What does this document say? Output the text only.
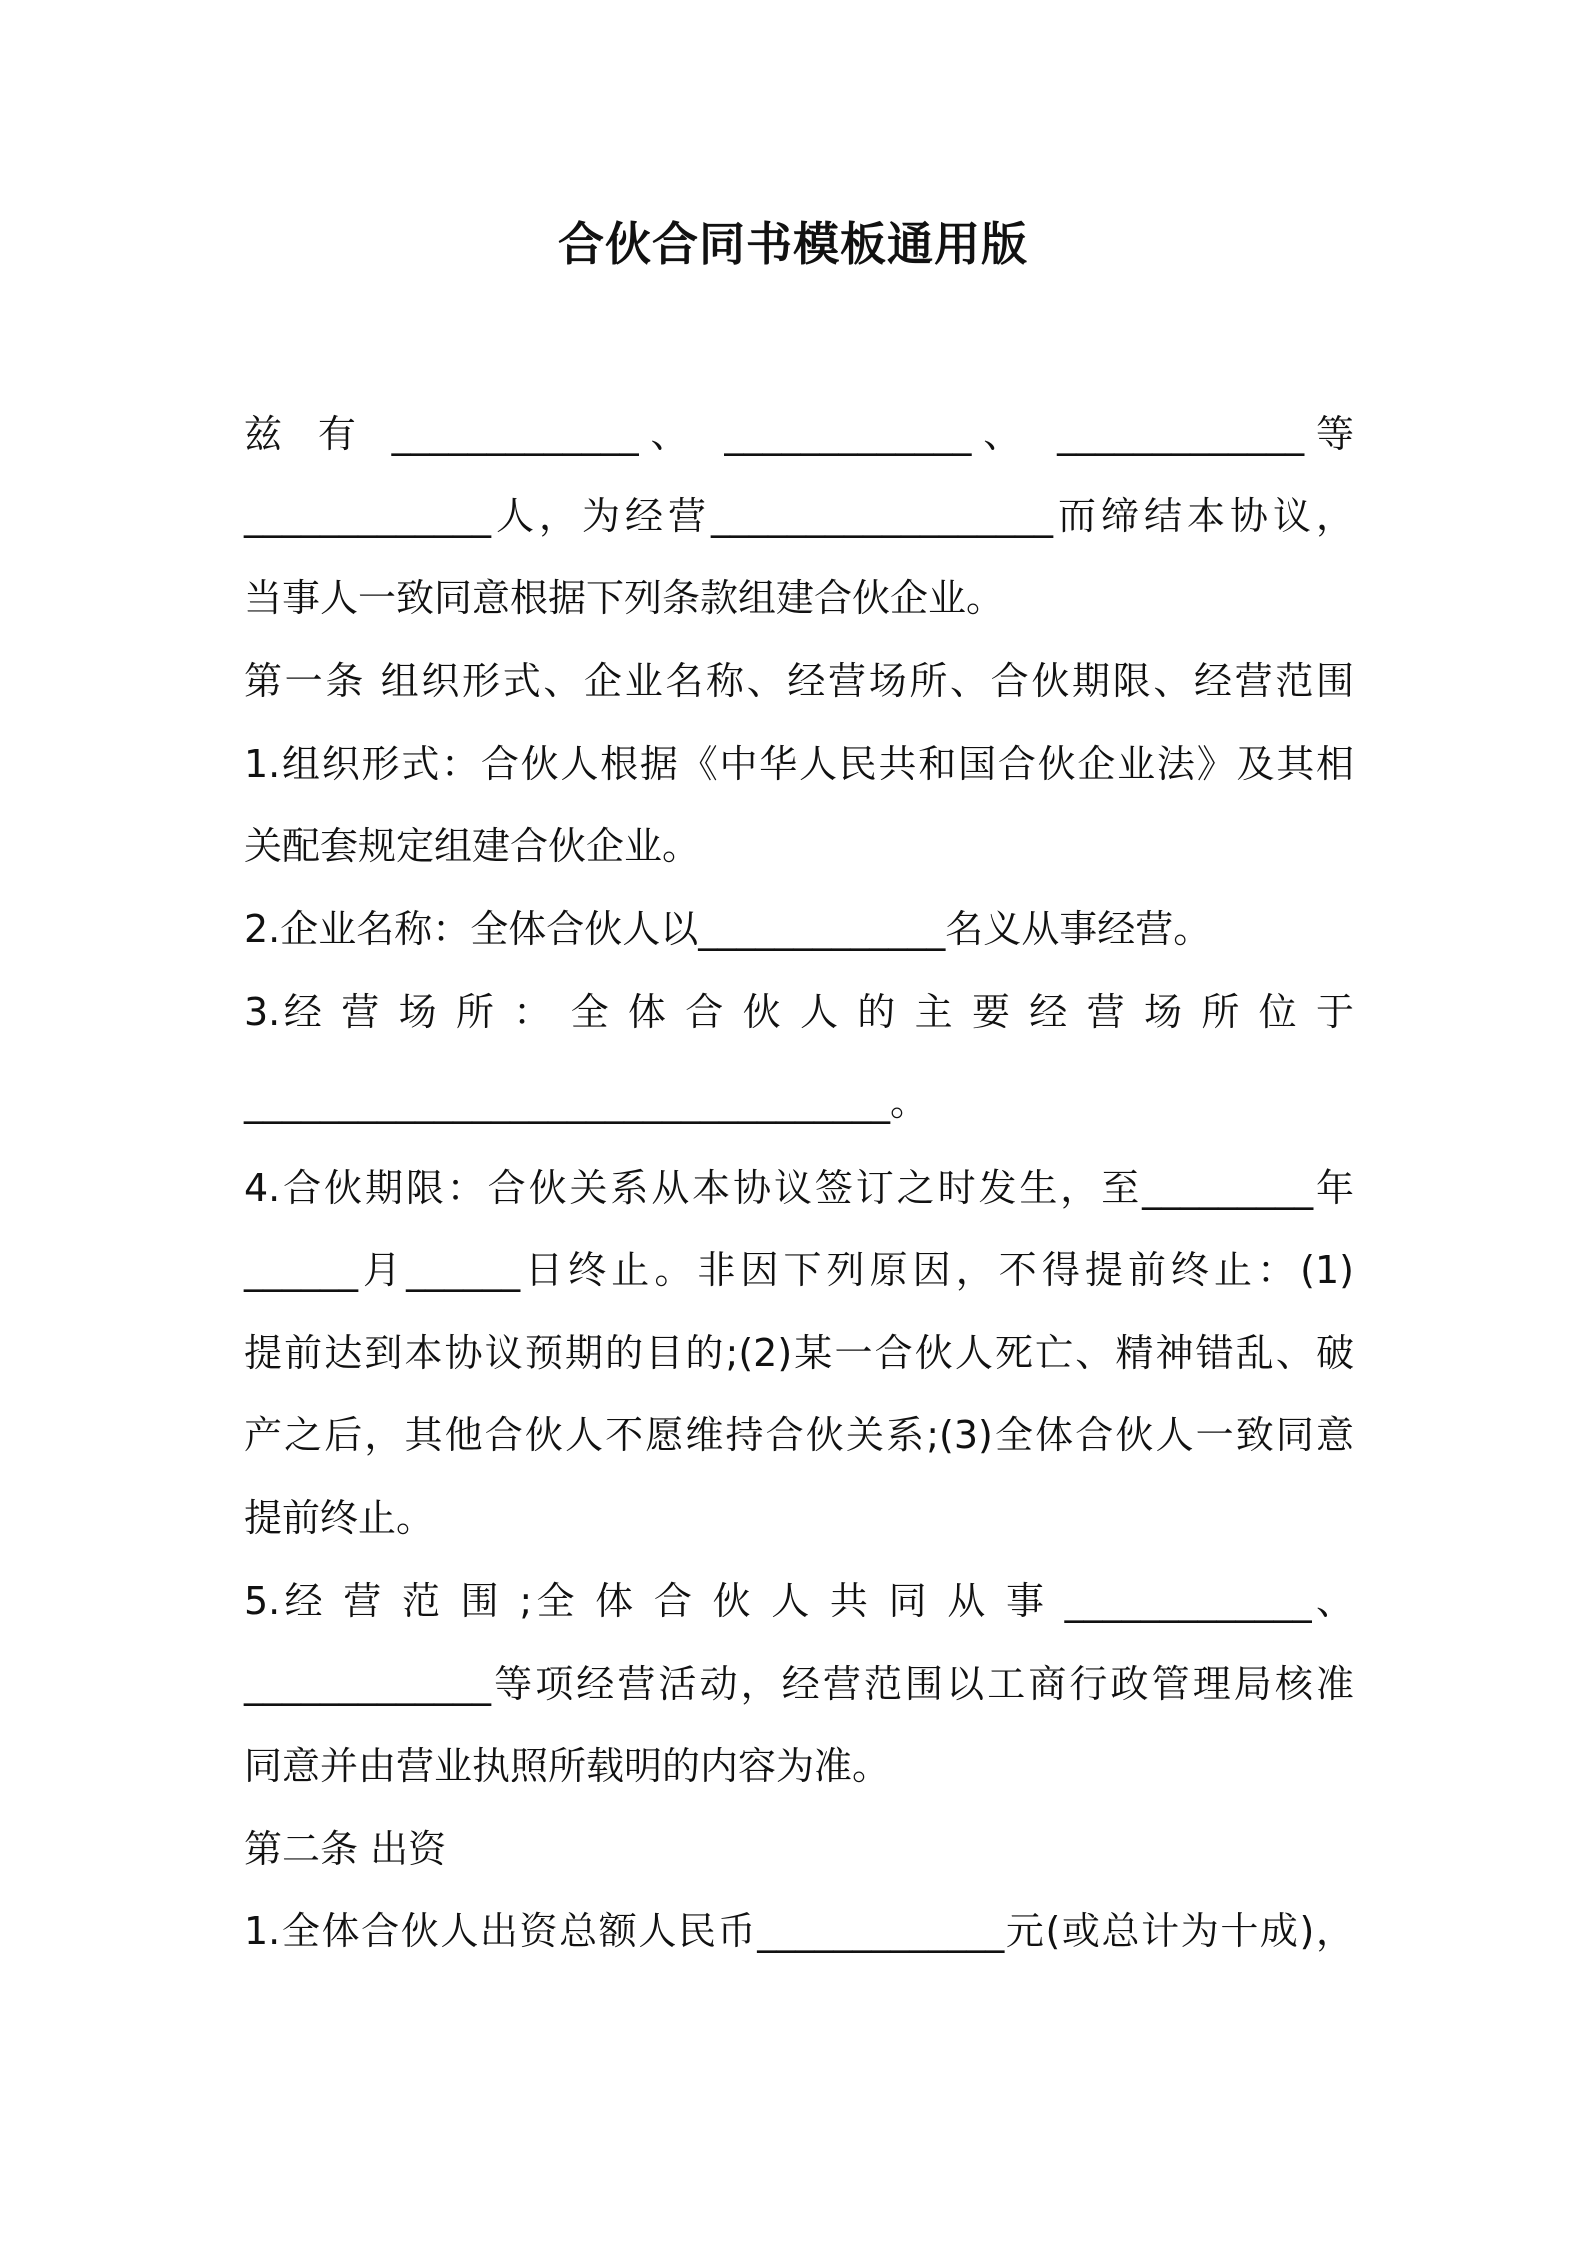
合伙合同书模板通用版
兹 有 _____________、 _____________、 _____________等
_____________人，为经营__________________而缔结本协议，
当事人一致同意根据下列条款组建合伙企业。
第一条 组织形式、企业名称、经营场所、合伙期限、经营范围
1.组织形式：合伙人根据《中华人民共和国合伙企业法》及其相
关配套规定组建合伙企业。
2.企业名称：全体合伙人以_____________名义从事经营。
3.经 营 场 所 ： 全 体 合 伙 人 的 主 要 经 营 场 所 位 于
__________________________________。
4.合伙期限：合伙关系从本协议签订之时发生，至_________年
______月______日终止。非因下列原因，不得提前终止：(1)
提前达到本协议预期的目的;(2)某一合伙人死亡、精神错乱、破
产之后，其他合伙人不愿维持合伙关系;(3)全体合伙人一致同意
提前终止。
5.经 营 范 围 ;全 体 合 伙 人 共 同 从 事 _____________、
_____________等项经营活动，经营范围以工商行政管理局核准
同意并由营业执照所载明的内容为准。
第二条 出资
1.全体合伙人出资总额人民币_____________元(或总计为十成)，
